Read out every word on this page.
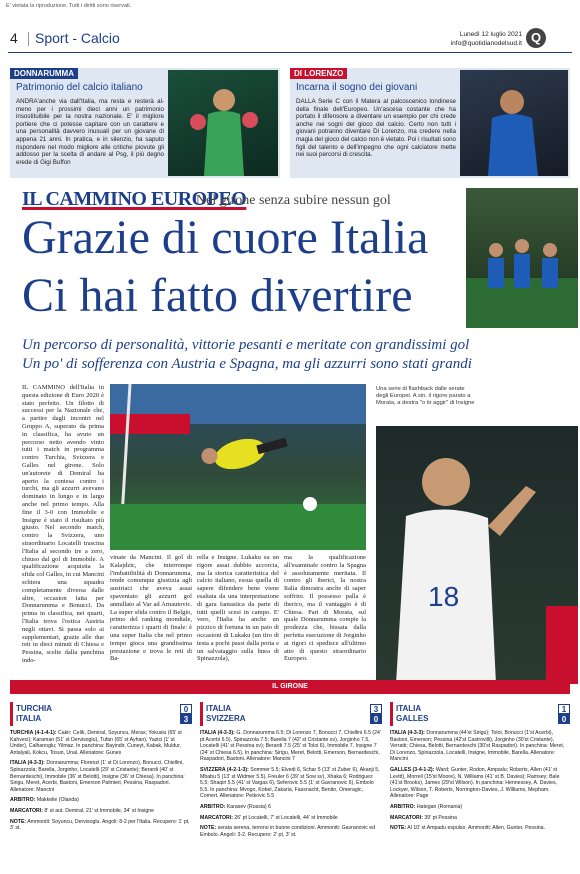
E' vietata la riproduzione. Tutti i diritti sono riservati.
4 Sport - Calcio	Lunedì 12 luglio 2021
info@quotidianodelsud.it Q
DONNARUMMA
Patrimonio del calcio italiano
ANDRA'anche via dall'Italia, ma resta e resterà al-meno per i prossimi dieci anni un patrimonio insostituibile per la nostra nazionale. E' il migliore portiere che ci potesse capitare con un carattere e una personalità davvero inusuali per un giovane di appena 21 anni. In pratica, e in silenzio, ha saputo rispondere nel modo migliore alle critiche piovute gli addosso per la scelta di andare al Psg, il più degno erede di Gigi Buffon
DI LORENZO
Incarna il sogno dei giovani
DALLA Serie C con il Matera al palcoscenico londinese della finale dell'Europeo. Un'ascesa costante che ha portato il difensore a diventare un esempio per chi crede anche nei sogni del gioco del calcio. Certo non tutti i giovani potranno diventare Di Lorenzo, ma credere nella magia del gioco del calcio non è vietato. Poi i risultati sono figli del talento e dell'impegno che ogni calciatore mette nei suoi percorsi di crescita.
IL CAMMINO EUROPEO
Nel girone senza subire nessun gol
Grazie di cuore Italia
Ci hai fatto divertire
Un percorso di personalità, vittorie pesanti e meritate con grandissimi gol
Un po' di sofferenza con Austria e Spagna, ma gli azzurri sono stati grandi
IL CAMMINO dell'Italia in questa edizione di Euro 2020 è stato perfetto. Un filotto di successi per la Nazionale che, a partire dagli incontri nel Gruppo A, superato da prima in classifica, ha avuto un percorso netto avendo vinto tutti i match in programma contro Turchia, Svizzera e Galles nel girone. Solo un'autorete di Demiral ha aperto la contesa contro i turchi, ma gli azzurri avevano dominato in lungo e in largo anche nel primo tempo. Alla fine il 3-0 con Immobile e Insigne è stato il risultato più giusto. Nel secondo match, contro la Svizzera, uno straordinario Locatelli trascina l'Italia al secondo tre a zero, chiuso dal gol di Immobile. A qualificazione acquisita la sfida col Galles, in cui Mancini schiera una squadra completamente diversa dalle altre, occasion fatta per Donnarumma e Bonucci. Da prima in classifica, nei quarti, l'Italia trova l'ostica Austria negli ottavi. Si passa solo ai supplementari, grazie alle due reti in dieci minuti di Chiesa e Pessina, scelte dalla panchina indo-
vinate da Mancini. Il gol di Kalajdzic, che interrompe l'imbattibilità di Donnarumma, rende comunque giustizia agli austriaci che aveva assai spaventato gli azzurri gol annullato al Var ad Arnautovic. La super sfida contro il Belgio, primo del ranking mondiale, caratterizza i quarti di finale: è una super Italia che nel primo tempo gioca una grandissima prestazione e trova le reti di Ba-
rella e Insigne. Lukaku su un rigore assai dubbio accorcia, ma la storica caratteristica del calcio italiano, essua quella di sapere difendere bene viene esaltata da una interpretazione di gara fantastica da parte di tutti quelli scesi in campo. E' vero, l'Italia ha anche un pizzico di fortuna in un paio di occasioni di Lukaku (un tiro di testa a pochi passi dalla porta e un salvataggio sulla linea di Spinazzola),
ma la qualificazione all'esaminafe contro la Spagna è assolutamente meritata. Il contro gli iberici, la nostra Italia dimostra anche di saper soffrire. Il possesso palla è iberico, ma il vantaggio è di Chiesa. Pari di Morata, sul quale Donnarumma compie la prodezza che, bissata dalla perfetta esecuzione di Jorginho ai rigori ci spedisce all'ultimo atto di questo straordinario Europeo.
Una serie di flashback dalle serate degli Europei. A sin. il rigore parato a Morata, a destra "o tir aggir" di Insigne
18
IL GIRONE
TURCHIA
ITALIA
0
3
TURCHIA (4-1-4-1): Cakir; Celik, Demiral, Soyuncu, Meras; Yokuslu (65' st Kahveci); Karaman (51' st Dervisoglu), Tufan (65' st Ayhan), Yazici (1' st Under), Calhanoglu; Yilmaz. In panchina: Bayindir, Cuneyt, Kabak, Muldur, Antalyali, Kokcu, Tosun, Unal. Allenatore: Gunes
ITALIA (4-3-3): Donnarumma; Florenzi (1' st Di Lorenzo), Bonucci, Chiellini, Spinazzola; Barella, Jorginho, Locatelli (29' st Cristante); Berardi (40' st Bernardeschi), Immobile (36' st Belotti), Insigne (36' st Chiesa). In panchina: Sirigu, Meret, Acerbi, Bastoni, Emerson Palmieri, Pessina, Raspadori. Allenatore: Mancini
ARBITRO: Makkelie (Olanda)
MARCATORI: 8' st aut. Demiral, 21' st Immobile, 34' st Insigne
NOTE: Ammoniti: Soyuncu, Dervisoglu. Angoli: 8-2 per l'Italia. Recupero: 1' pt, 3' st.
ITALIA
SVIZZERA
3
0
ITALIA (4-3-3): G. Donnarumma 6.5; Di Lorenzo 7, Bonucci 7, Chiellini 6.5 (24' pt Acerbi 6.5), Spinazzola 7.5; Barella 7 (42' st Cristante sv), Jorginho 7.5, Locatelli (41' st Pessina sv); Berardi 7.5 (25' st Toloi 6), Immobile 7, Insigne 7 (24' st Chiesa 6.5). In panchina: Sirigu, Meret, Belotti, Emerson, Bernardeschi, Raspadori, Bastoni. Allenatore: Mancini 7
SVIZZERA (4-2-1-3): Sommer 5.5; Elvedi 6, Schar 5 (13' st Zuber 6), Akanji 5, Mbabu 5 (13' st Widmer 5.5), Freuler 6 (39' st Sow sv), Xhaka 6; Rodriguez 5.5; Shaqiri 5.5 (41' st Vargas 6), Seferovic 5.5 (1' st Gavranovic 6), Embolo 5.5. In panchina: Mvogo, Kobel, Zakaria, Fassnacht, Benito, Omeragic, Comert. Allenatore: Petkovic 5.5
ARBITRO: Karasev (Russia) 6
MARCATORI: 26' pt Locatelli, 7' st Locatelli, 44' st Immobile
NOTE: serata serena, terreno in buone condizioni. Ammoniti: Gavranovic ed Embolo. Angoli: 3-2. Recupero: 2' pt, 3' st.
ITALIA
GALLES
1
0
ITALIA (4-3-3): Donnarumma (44'st Sirigu); Toloi, Bonucci (1'st Acerbi), Bastoni, Emerson; Pessina (42'st Castrovilli), Jorginho (30'st Cristante), Verratti; Chiesa, Belotti, Bernardeschi (30'st Raspadori). In panchina: Meret, Di Lorenzo, Spinazzola, Locatelli, Insigne, Immobile, Barella. Allenatore: Mancini
GALLES (3-4-1-2): Ward; Gunter, Rodon, Ampadu; Roberts, Allen (41' st Levitt), Morrell (15'st Moore), N. Williams (41' st B. Davies); Ramsey; Bale (41'st Brooks), James (29'st Wilson). In panchina: Hennessey, A. Davies, Lockyer, Wilson, T. Roberts, Norrington-Davies, J. Williams, Mepham. Allenatore: Page
ARBITRO: Hategan (Romania)
MARCATORI: 39' pt Pessina
NOTE: Al 10' st Ampadu espulso. Ammoniti: Allen, Gunter, Pessina.
